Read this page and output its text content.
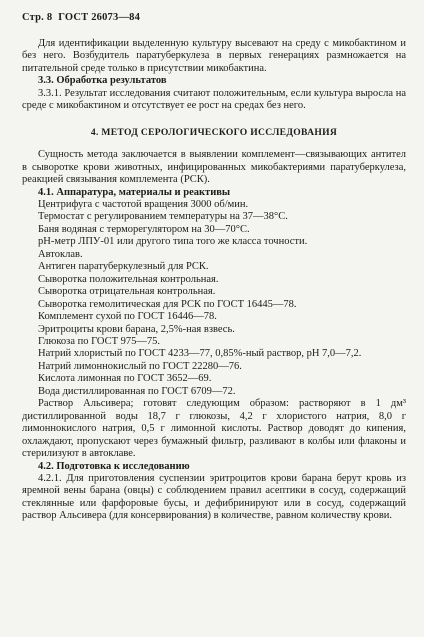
Стр. 8 ГОСТ 26073—84

Для идентификации выделенную культуру высевают на среду с микобактином и без него. Возбудитель паратуберкулеза в первых генерациях размножается на питательной среде только в присутствии микобактина.

3.3. Обработка результатов

3.3.1. Результат исследования считают положительным, если культура выросла на среде с микобактином и отсутствует ее рост на средах без него.

4. МЕТОД СЕРОЛОГИЧЕСКОГО ИССЛЕДОВАНИЯ

Сущность метода заключается в выявлении комплемент—связывающих антител в сыворотке крови животных, инфицированных микобактериями паратуберкулеза, реакцией связывания комплемента (РСК).

4.1. Аппаратура, материалы и реактивы

Центрифуга с частотой вращения 3000 об/мин.

Термостат с регулированием температуры на 37—38°С.

Баня водяная с терморегулятором на 30—70°С.

рН-метр ЛПУ-01 или другого типа того же класса точности.

Автоклав.

Антиген паратуберкулезный для РСК.

Сыворотка положительная контрольная.

Сыворотка отрицательная контрольная.

Сыворотка гемолитическая для РСК по ГОСТ 16445—78.

Комплемент сухой по ГОСТ 16446—78.

Эритроциты крови барана, 2,5%-ная взвесь.

Глюкоза по ГОСТ 975—75.

Натрий хлористый по ГОСТ 4233—77, 0,85%-ный раствор, рН 7,0—7,2.

Натрий лимоннокислый по ГОСТ 22280—76.

Кислота лимонная по ГОСТ 3652—69.

Вода дистиллированная по ГОСТ 6709—72.

Раствор Альсивера; готовят следующим образом: растворяют в 1 дм³ дистиллированной воды 18,7 г глюкозы, 4,2 г хлористого натрия, 8,0 г лимоннокислого натрия, 0,5 г лимонной кислоты. Раствор доводят до кипения, охлаждают, пропускают через бумажный фильтр, разливают в колбы или флаконы и стерилизуют в автоклаве.

4.2. Подготовка к исследованию

4.2.1. Для приготовления суспензии эритроцитов крови барана берут кровь из яремной вены барана (овцы) с соблюдением правил асептики в сосуд, содержащий стеклянные или фарфоровые бусы, и дефибринируют или в сосуд, содержащий раствор Альсивера (для консервирования) в количестве, равном количеству крови.
